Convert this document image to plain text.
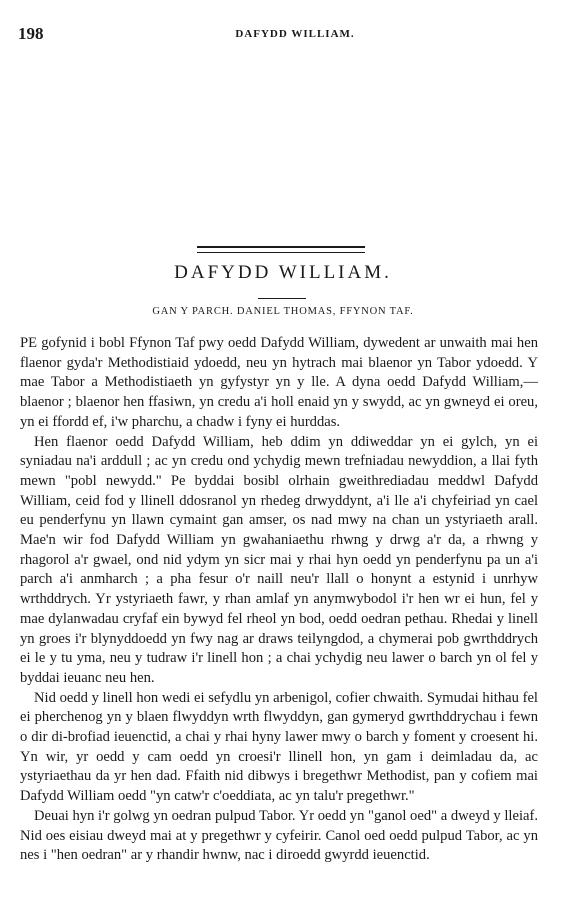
198	DAFYDD WILLIAM.
DAFYDD WILLIAM.
GAN Y PARCH. DANIEL THOMAS, FFYNON TAF.

PE gofynid i bobl Ffynon Taf pwy oedd Dafydd William, dywedent ar unwaith mai hen flaenor gyda'r Methodistiaid ydoedd, neu yn hytrach mai blaenor yn Tabor ydoedd. Y mae Tabor a Methodistiaeth yn gyfystyr yn y lle. A dyna oedd Dafydd William,—blaenor ; blaenor hen ffasiwn, yn credu a'i holl enaid yn y swydd, ac yn gwneyd ei oreu, yn ei ffordd ef, i'w pharchu, a chadw i fyny ei hurddas.

Hen flaenor oedd Dafydd William, heb ddim yn ddiweddar yn ei gylch, yn ei syniadau na'i arddull ; ac yn credu ond ychydig mewn trefniadau newyddion, a llai fyth mewn "pobl newydd." Pe byddai bosibl olrhain gweithrediadau meddwl Dafydd William, ceid fod y llinell ddosranol yn rhedeg drwyddynt, a'i lle a'i chyfeiriad yn cael eu penderfynu yn llawn cymaint gan amser, os nad mwy na chan un ystyriaeth arall. Mae'n wir fod Dafydd William yn gwahaniaethu rhwng y drwg a'r da, a rhwng y rhagorol a'r gwael, ond nid ydym yn sicr mai y rhai hyn oedd yn penderfynu pa un a'i parch a'i anmharch ; a pha fesur o'r naill neu'r llall o honynt a estynid i unrhyw wrthddrych. Yr ystyriaeth fawr, y rhan amlaf yn anymwybodol i'r hen wr ei hun, fel y mae dylanwadau cryfaf ein bywyd fel rheol yn bod, oedd oedran pethau. Rhedai y linell yn groes i'r blynyddoedd yn fwy nag ar draws teilyngdod, a chymerai pob gwrthddrych ei le y tu yma, neu y tudraw i'r linell hon ; a chai ychydig neu lawer o barch yn ol fel y byddai ieuanc neu hen.

Nid oedd y linell hon wedi ei sefydlu yn arbenigol, cofier chwaith. Symudai hithau fel ei pherchenog yn y blaen flwyddyn wrth flwyddyn, gan gymeryd gwrthddrychau i fewn o dir di-brofiad ieuenctid, a chai y rhai hyny lawer mwy o barch y foment y croesent hi. Yn wir, yr oedd y cam oedd yn croesi'r llinell hon, yn gam i deimladau da, ac ystyriaethau da yr hen dad. Ffaith nid dibwys i bregethwr Methodist, pan y cofiem mai Dafydd William oedd "yn catw'r c'oeddiata, ac yn talu'r pregethwr."

Deuai hyn i'r golwg yn oedran pulpud Tabor. Yr oedd yn "ganol oed" a dweyd y lleiaf. Nid oes eisiau dweyd mai at y pregethwr y cyfeirir. Canol oed oedd pulpud Tabor, ac yn nes i "hen oedran" ar y rhandir hwnw, nac i diroedd gwyrdd ieuenctid.
